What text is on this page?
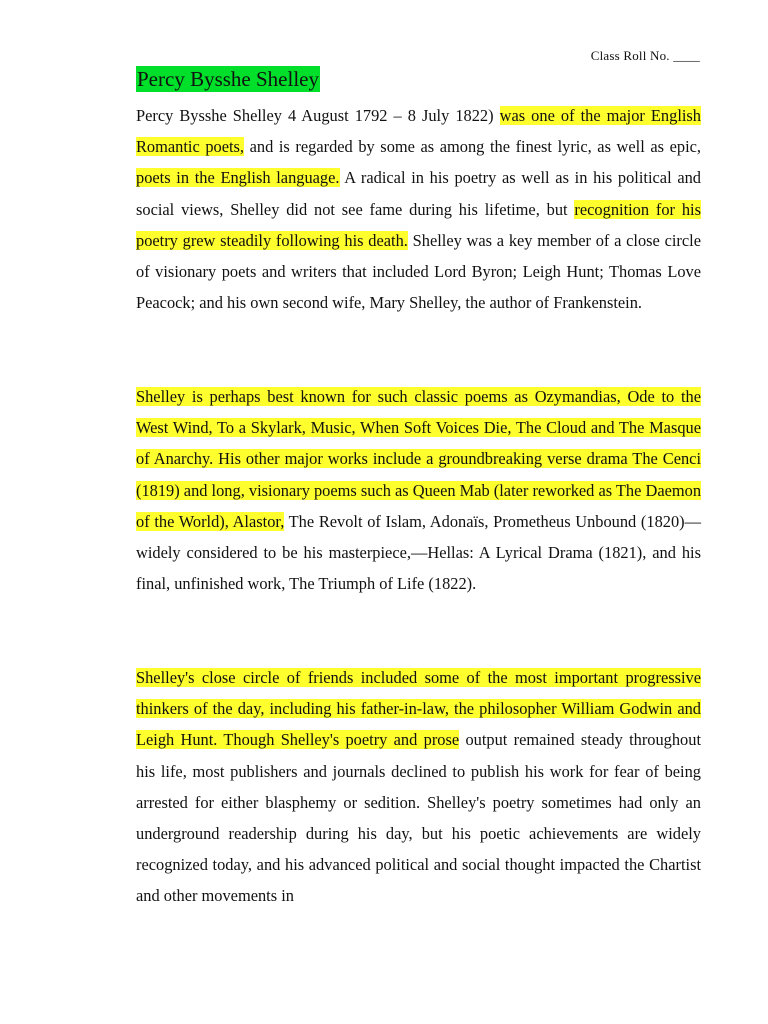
Class Roll No. ____
Percy Bysshe Shelley

Percy Bysshe Shelley 4 August 1792 – 8 July 1822) was one of the major English Romantic poets, and is regarded by some as among the finest lyric, as well as epic, poets in the English language. A radical in his poetry as well as in his political and social views, Shelley did not see fame during his lifetime, but recognition for his poetry grew steadily following his death. Shelley was a key member of a close circle of visionary poets and writers that included Lord Byron; Leigh Hunt; Thomas Love Peacock; and his own second wife, Mary Shelley, the author of Frankenstein.

Shelley is perhaps best known for such classic poems as Ozymandias, Ode to the West Wind, To a Skylark, Music, When Soft Voices Die, The Cloud and The Masque of Anarchy. His other major works include a groundbreaking verse drama The Cenci (1819) and long, visionary poems such as Queen Mab (later reworked as The Daemon of the World), Alastor, The Revolt of Islam, Adonaïs, Prometheus Unbound (1820)—widely considered to be his masterpiece,—Hellas: A Lyrical Drama (1821), and his final, unfinished work, The Triumph of Life (1822).

Shelley's close circle of friends included some of the most important progressive thinkers of the day, including his father-in-law, the philosopher William Godwin and Leigh Hunt. Though Shelley's poetry and prose output remained steady throughout his life, most publishers and journals declined to publish his work for fear of being arrested for either blasphemy or sedition. Shelley's poetry sometimes had only an underground readership during his day, but his poetic achievements are widely recognized today, and his advanced political and social thought impacted the Chartist and other movements in
